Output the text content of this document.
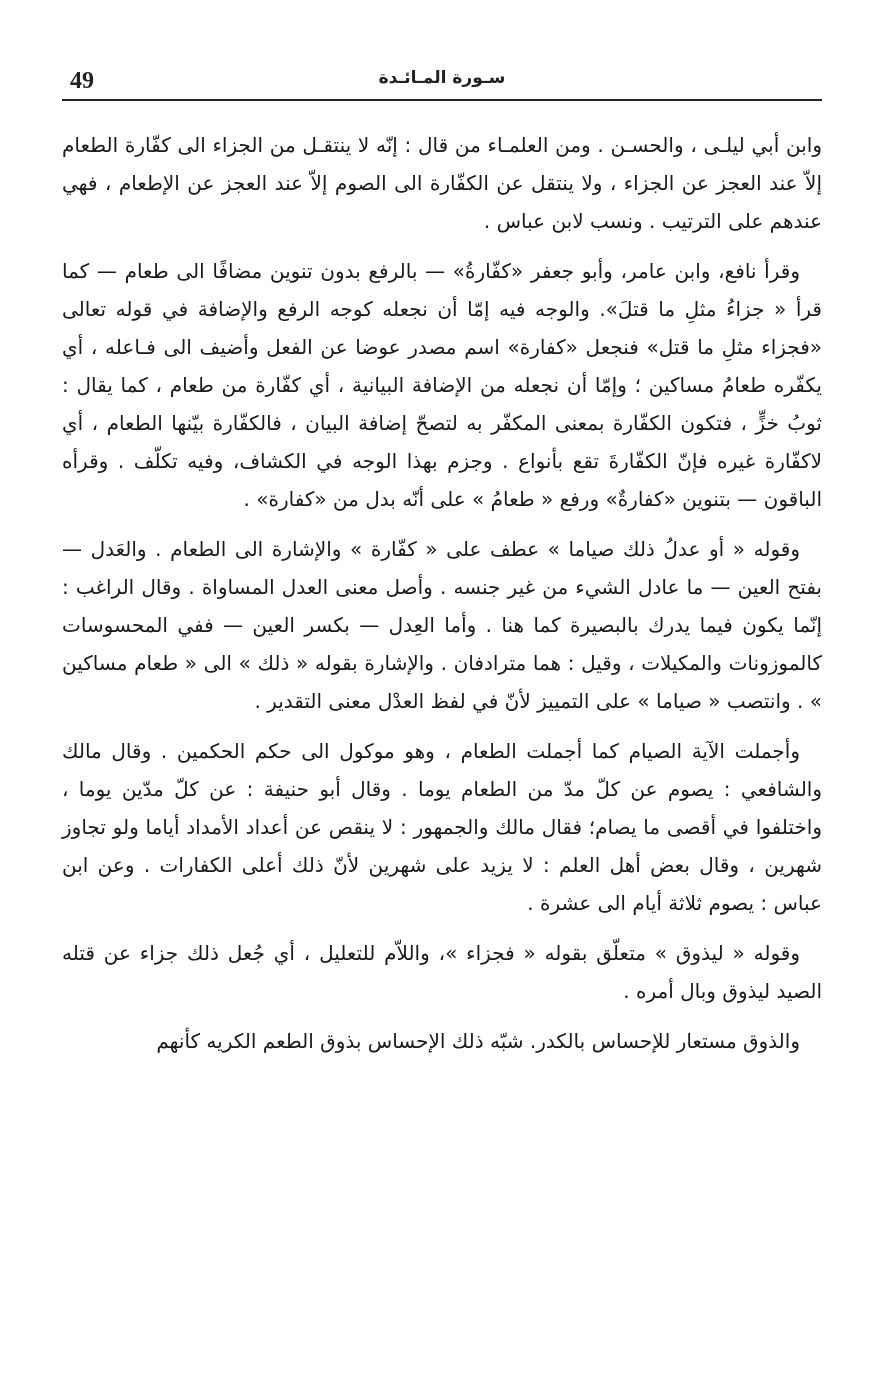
49	سـورة المـائـدة

وابن أبي ليلـى ، والحسـن . ومن العلمـاء من قال : إنّه لا ينتقـل من الجزاء الى كفّارة الطعام إلاّ عند العجز عن الجزاء ، ولا ينتقل عن الكفّارة الى الصوم إلاّ عند العجز عن الإطعام ، فهي عندهم على الترتيب . ونسب لابن عباس .

وقرأ نافع، وابن عامر، وأبو جعفر «كفّارةُ» — بالرفع بدون تنوين مضافًا الى طعام — كما قرأ « جزاءُ مثلِ ما قتلَ». والوجه فيه إمّا أن نجعله كوجه الرفع والإضافة في قوله تعالى «فجزاء مثلِ ما قتل» فنجعل «كفارة» اسم مصدر عوضا عن الفعل وأضيف الى فـاعله ، أي يكفّره طعامُ مساكين ؛ وإمّا أن نجعله من الإضافة البيانية ، أي كفّارة من طعام ، كما يقال : ثوبُ خزٍّ ، فتكون الكفّارة بمعنى المكفّر به لتصحّ إضافة البيان ، فالكفّارة بيّنها الطعام ، أي لاكفّارة غيره فإنّ الكفّارةَ تقع بأنواع . وجزم بهذا الوجه في الكشاف، وفيه تكلّف . وقرأه الباقون — بتنوين «كفارةٌ» ورفع « طعامُ » على أنّه بدل من «كفارة» .

وقوله « أو عدلُ ذلك صياما » عطف على « كفّارة » والإشارة الى الطعام . والعَدل — بفتح العين — ما عادل الشيء من غير جنسه . وأصل معنى العدل المساواة . وقال الراغب : إنّما يكون فيما يدرك بالبصيرة كما هنا . وأما العِدل — بكسر العين — ففي المحسوسات كالموزونات والمكيلات ، وقيل : هما مترادفان . والإشارة بقوله « ذلك » الى « طعام مساكين » . وانتصب « صياما » على التمييز لأنّ في لفظ العدْل معنى التقدير .

وأجملت الآية الصيام كما أجملت الطعام ، وهو موكول الى حكم الحكمين . وقال مالك والشافعي : يصوم عن كلّ مدّ من الطعام يوما . وقال أبو حنيفة : عن كلّ مدّين يوما ، واختلفوا في أقصى ما يصام؛ فقال مالك والجمهور : لا ينقص عن أعداد الأمداد أياما ولو تجاوز شهرين ، وقال بعض أهل العلم : لا يزيد على شهرين لأنّ ذلك أعلى الكفارات . وعن ابن عباس : يصوم ثلاثة أيام الى عشرة .

وقوله « ليذوق » متعلّق بقوله « فجزاء »، واللاّم للتعليل ، أي جُعل ذلك جزاء عن قتله الصيد ليذوق وبال أمره .

والذوق مستعار للإحساس بالكدر. شبّه ذلك الإحساس بذوق الطعم الكريه كأنهم
